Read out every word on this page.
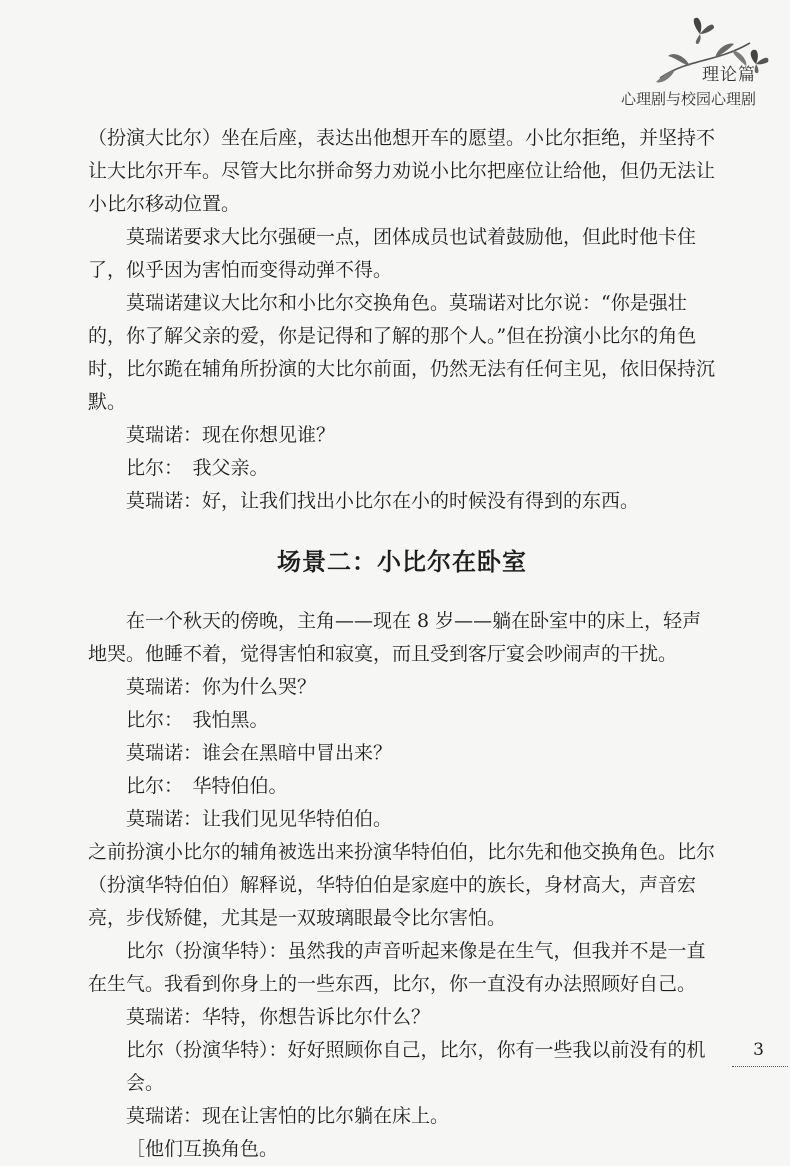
理论篇
心理剧与校园心理剧

（扮演大比尔）坐在后座，表达出他想开车的愿望。小比尔拒绝，并坚持不让大比尔开车。尽管大比尔拼命努力劝说小比尔把座位让给他，但仍无法让小比尔移动位置。

莫瑞诺要求大比尔强硬一点，团体成员也试着鼓励他，但此时他卡住了，似乎因为害怕而变得动弹不得。

莫瑞诺建议大比尔和小比尔交换角色。莫瑞诺对比尔说：“你是强壮的，你了解父亲的爱，你是记得和了解的那个人。”但在扮演小比尔的角色时，比尔跪在辅角所扮演的大比尔前面，仍然无法有任何主见，依旧保持沉默。

莫瑞诺：现在你想见谁？

比尔：　我父亲。

莫瑞诺：好，让我们找出小比尔在小的时候没有得到的东西。

场景二：小比尔在卧室

在一个秋天的傍晚，主角——现在 8 岁——躺在卧室中的床上，轻声地哭。他睡不着，觉得害怕和寂寞，而且受到客厅宴会吵闹声的干扰。

莫瑞诺：你为什么哭？

比尔：　我怕黑。

莫瑞诺：谁会在黑暗中冒出来？

比尔：　华特伯伯。

莫瑞诺：让我们见见华特伯伯。

之前扮演小比尔的辅角被选出来扮演华特伯伯，比尔先和他交换角色。比尔（扮演华特伯伯）解释说，华特伯伯是家庭中的族长，身材高大，声音宏亮，步伐矫健，尤其是一双玻璃眼最令比尔害怕。

比尔（扮演华特）：虽然我的声音听起来像是在生气，但我并不是一直在生气。我看到你身上的一些东西，比尔，你一直没有办法照顾好自己。

莫瑞诺：华特，你想告诉比尔什么？

比尔（扮演华特）：好好照顾你自己，比尔，你有一些我以前没有的机会。

莫瑞诺：现在让害怕的比尔躺在床上。

［他们互换角色。

3
